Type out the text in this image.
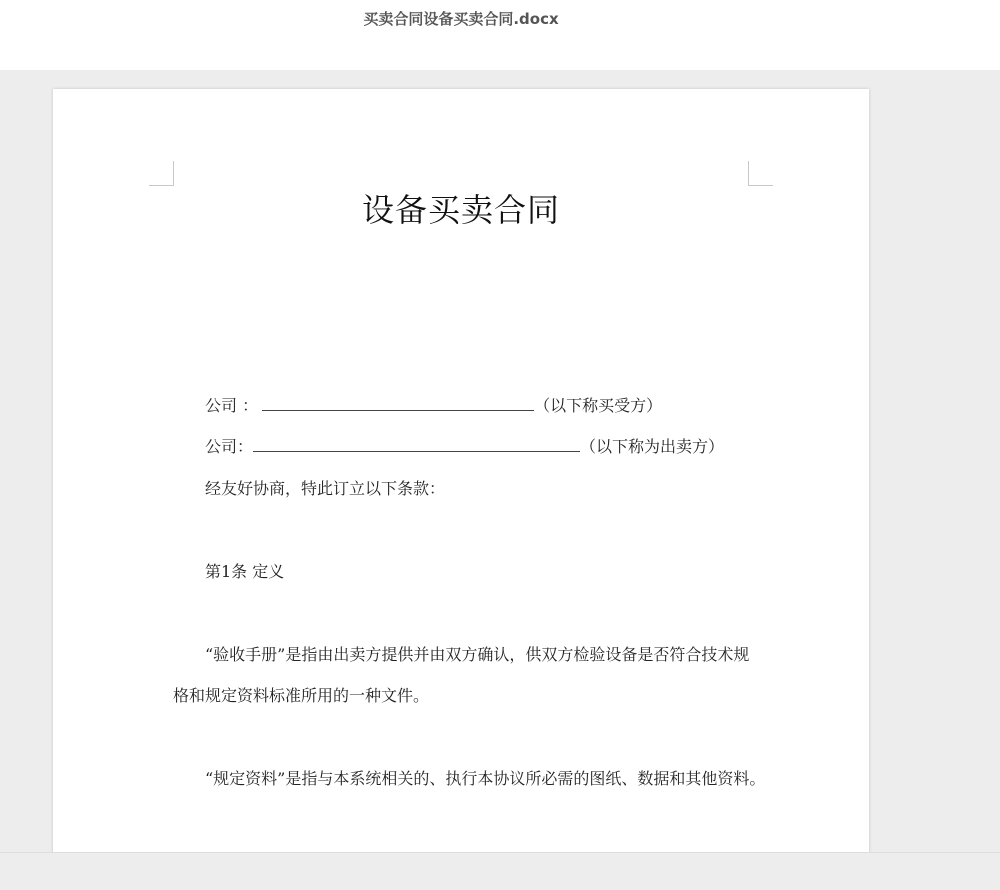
买卖合同设备买卖合同.docx
设备买卖合同
公司 ：	（以下称买受方）
公司：	（以下称为出卖方）
经友好协商，特此订立以下条款：
第1条 定义
“验收手册”是指由出卖方提供并由双方确认，供双方检验设备是否符合技术规
格和规定资料标准所用的一种文件。
“规定资料”是指与本系统相关的、执行本协议所必需的图纸、数据和其他资料。
